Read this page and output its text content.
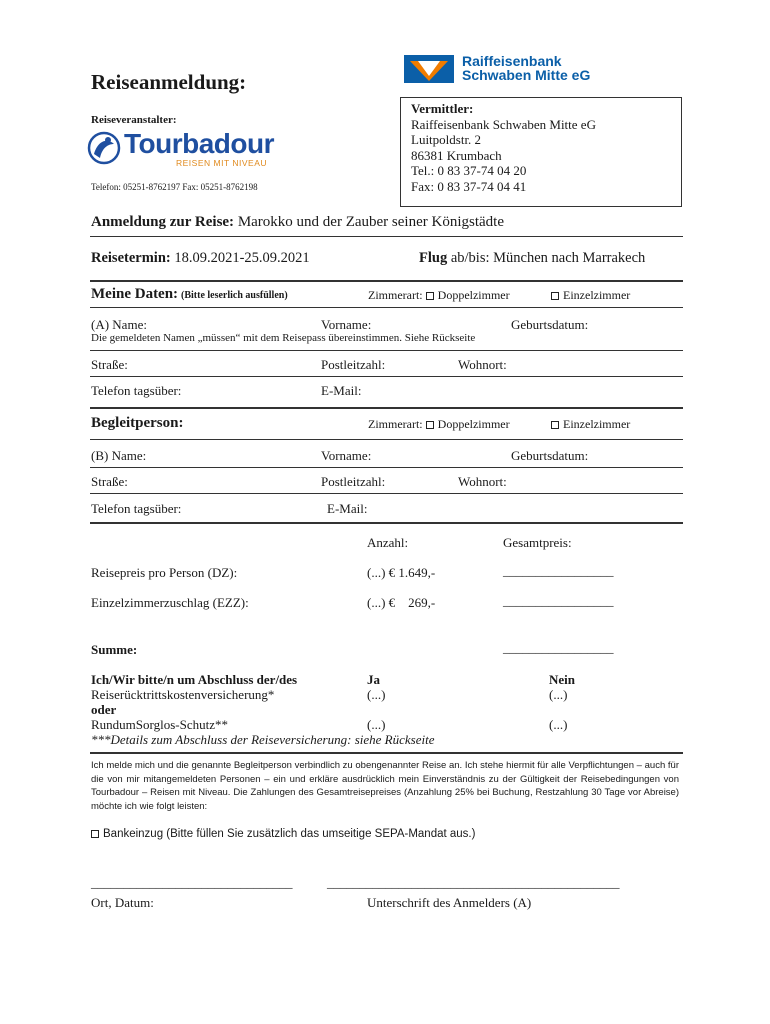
Reiseanmeldung:
Raiffeisenbank
Schwaben Mitte eG
Reiseveranstalter:
Tourbadour
REISEN MIT NIVEAU
Telefon: 05251-8762197 Fax: 05251-8762198
Vermittler:
Raiffeisenbank Schwaben Mitte eG
Luitpoldstr. 2
86381 Krumbach
Tel.: 0 83 37-74 04 20
Fax: 0 83 37-74 04 41
Anmeldung zur Reise: Marokko und der Zauber seiner Königstädte
Reisetermin: 18.09.2021-25.09.2021	Flug ab/bis: München nach Marrakech
Meine Daten: (Bitte leserlich ausfüllen)	Zimmerart: Doppelzimmer	Einzelzimmer
(A) Name:	Vorname:	Geburtsdatum:
Die gemeldeten Namen „müssen“ mit dem Reisepass übereinstimmen. Siehe Rückseite
Straße:	Postleitzahl:	Wohnort:
Telefon tagsüber:	E-Mail:
Begleitperson:	Zimmerart: Doppelzimmer	Einzelzimmer
(B) Name:	Vorname:	Geburtsdatum:
Straße:	Postleitzahl:	Wohnort:
Telefon tagsüber:	E-Mail:
Anzahl:	Gesamtpreis:
Reisepreis pro Person (DZ):	(...) € 1.649,-	_________________
Einzelzimmerzuschlag (EZZ):	(...) €    269,-	_________________
Summe:	_________________
Ich/Wir bitte/n um Abschluss der/des	Ja	Nein
Reiserücktrittskostenversicherung*	(...)	(...)
oder
RundumSorglos-Schutz**	(...)	(...)
***Details zum Abschluss der Reiseversicherung: siehe Rückseite
Ich melde mich und die genannte Begleitperson verbindlich zu obengenannter Reise an. Ich stehe hiermit für alle Verpflichtungen – auch für die von mir mitangemeldeten Personen – ein und erkläre ausdrücklich mein Einverständnis zu der Gültigkeit der Reisebedingungen von Tourbadour – Reisen mit Niveau. Die Zahlungen des Gesamtreisepreises (Anzahlung 25% bei Buchung, Restzahlung 30 Tage vor Abreise) möchte ich wie folgt leisten:
Bankeinzug (Bitte füllen Sie zusätzlich das umseitige SEPA-Mandat aus.)
_______________________________	_____________________________________________
Ort, Datum:	Unterschrift des Anmelders (A)
